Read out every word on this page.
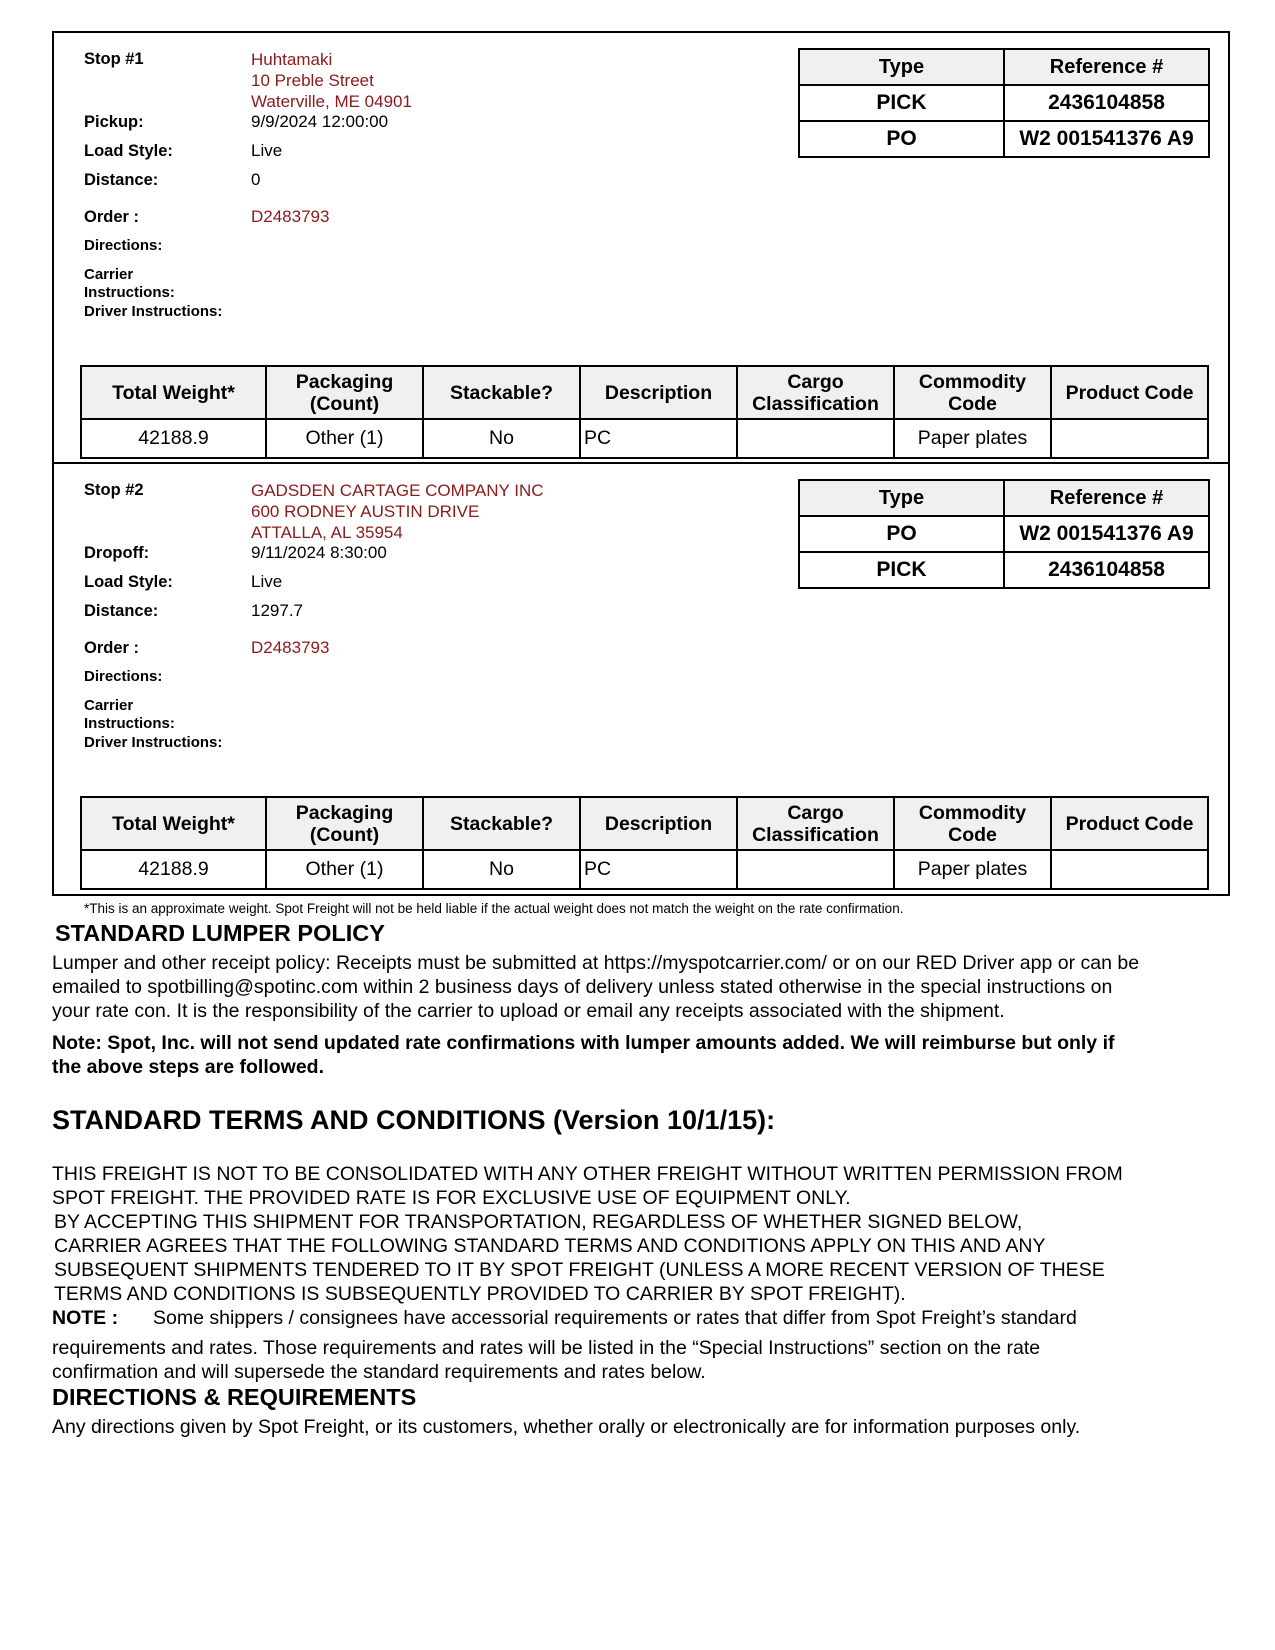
Stop #1	Huhtamaki
10 Preble Street
Waterville, ME 04901
Pickup:	9/9/2024 12:00:00
Load Style:	Live
Distance:	0
Order :	D2483793
Directions:
Carrier
Instructions:
Driver Instructions:
Type	Reference #
PICK	2436104858
PO	W2 001541376 A9
Total Weight*	Packaging (Count)	Stackable?	Description	Cargo Classification	Commodity Code	Product Code
42188.9	Other (1)	No	PC		Paper plates	
Stop #2	GADSDEN CARTAGE COMPANY INC
600 RODNEY AUSTIN DRIVE
ATTALLA, AL 35954
Dropoff:	9/11/2024 8:30:00
Load Style:	Live
Distance:	1297.7
Order :	D2483793
Directions:
Carrier
Instructions:
Driver Instructions:
Type	Reference #
PO	W2 001541376 A9
PICK	2436104858
Total Weight*	Packaging (Count)	Stackable?	Description	Cargo Classification	Commodity Code	Product Code
42188.9	Other (1)	No	PC		Paper plates	
*This is an approximate weight. Spot Freight will not be held liable if the actual weight does not match the weight on the rate confirmation.
STANDARD LUMPER POLICY
Lumper and other receipt policy: Receipts must be submitted at https://myspotcarrier.com/ or on our RED Driver app or can be
emailed to spotbilling@spotinc.com within 2 business days of delivery unless stated otherwise in the special instructions on
your rate con. It is the responsibility of the carrier to upload or email any receipts associated with the shipment.
Note: Spot, Inc. will not send updated rate confirmations with lumper amounts added. We will reimburse but only if
the above steps are followed.
STANDARD TERMS AND CONDITIONS (Version 10/1/15):
THIS FREIGHT IS NOT TO BE CONSOLIDATED WITH ANY OTHER FREIGHT WITHOUT WRITTEN PERMISSION FROM
SPOT FREIGHT. THE PROVIDED RATE IS FOR EXCLUSIVE USE OF EQUIPMENT ONLY.
BY ACCEPTING THIS SHIPMENT FOR TRANSPORTATION, REGARDLESS OF WHETHER SIGNED BELOW,
CARRIER AGREES THAT THE FOLLOWING STANDARD TERMS AND CONDITIONS APPLY ON THIS AND ANY
SUBSEQUENT SHIPMENTS TENDERED TO IT BY SPOT FREIGHT (UNLESS A MORE RECENT VERSION OF THESE
TERMS AND CONDITIONS IS SUBSEQUENTLY PROVIDED TO CARRIER BY SPOT FREIGHT).
NOTE : Some shippers / consignees have accessorial requirements or rates that differ from Spot Freight’s standard
requirements and rates. Those requirements and rates will be listed in the “Special Instructions” section on the rate
confirmation and will supersede the standard requirements and rates below.
DIRECTIONS & REQUIREMENTS
Any directions given by Spot Freight, or its customers, whether orally or electronically are for information purposes only.
